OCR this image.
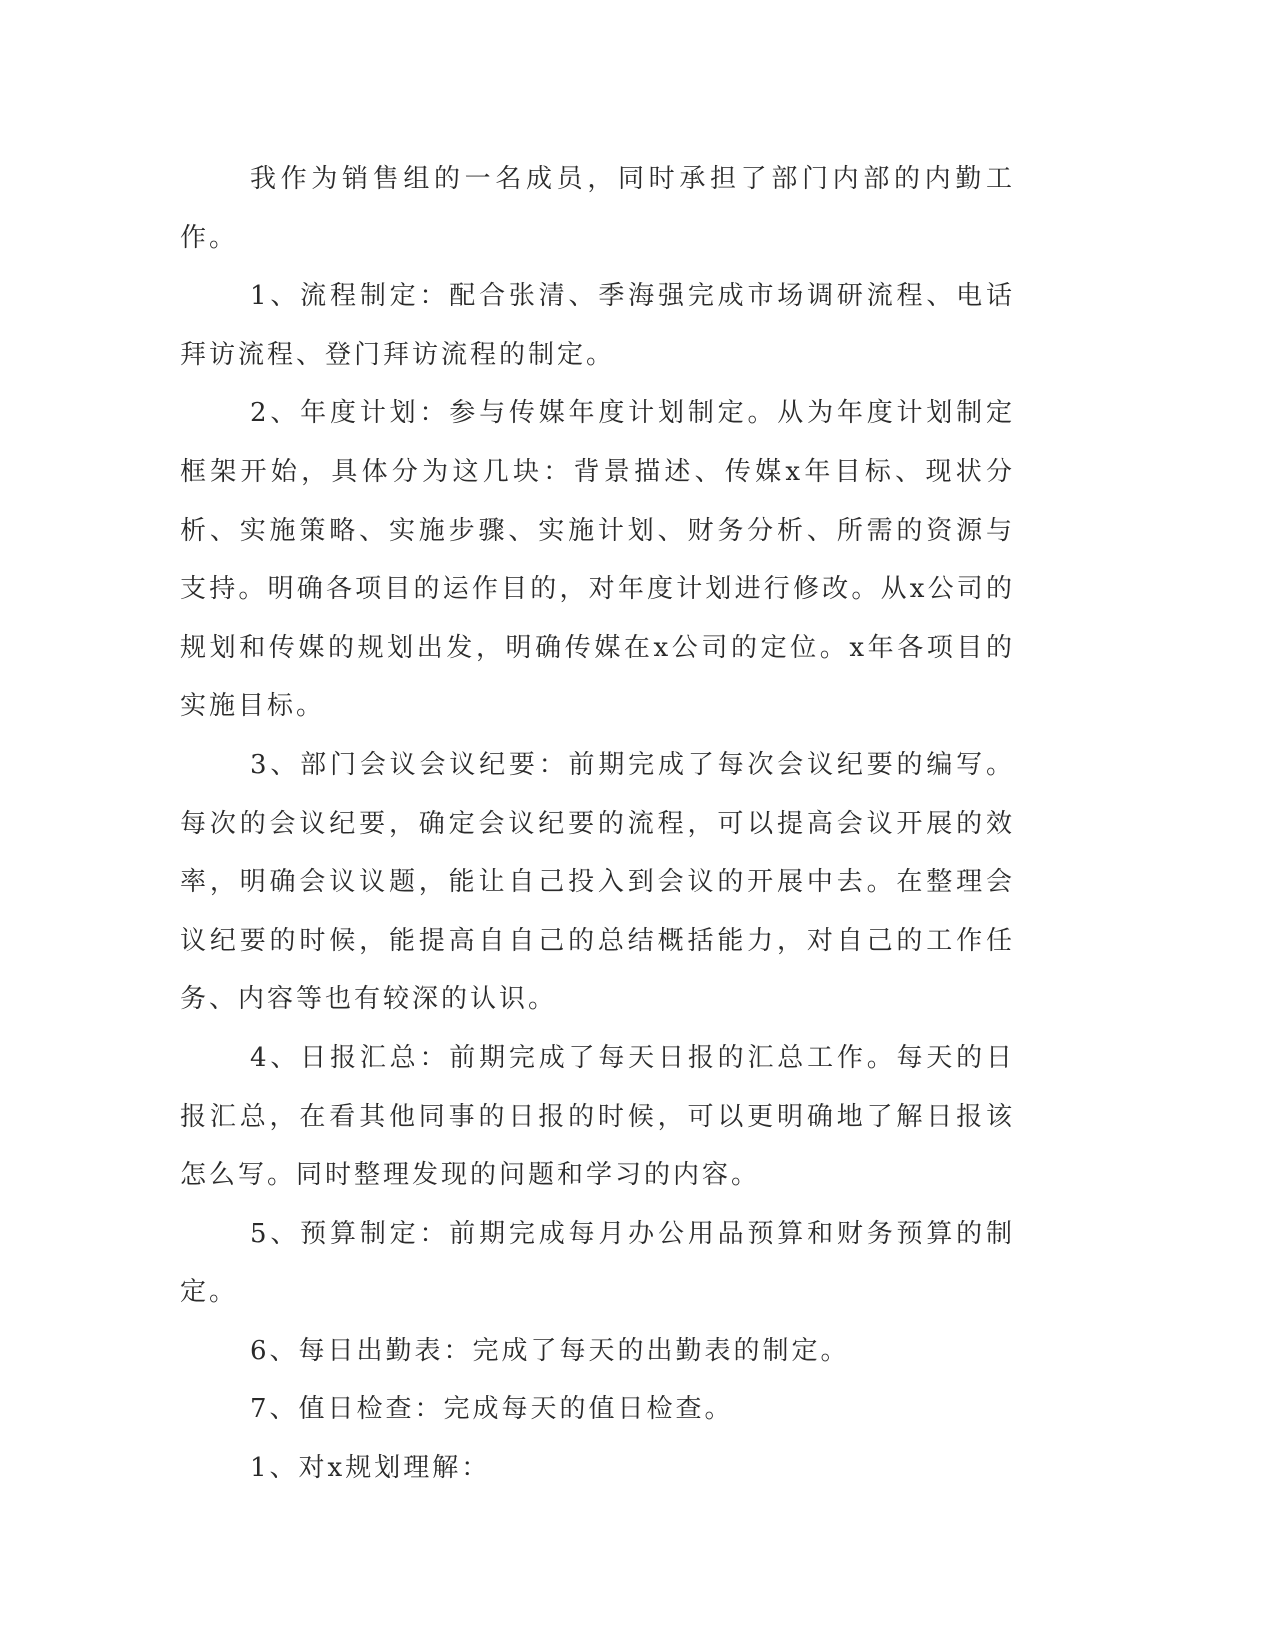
我作为销售组的一名成员，同时承担了部门内部的内勤工作。

1、流程制定：配合张清、季海强完成市场调研流程、电话拜访流程、登门拜访流程的制定。

2、年度计划：参与传媒年度计划制定。从为年度计划制定框架开始，具体分为这几块：背景描述、传媒x年目标、现状分析、实施策略、实施步骤、实施计划、财务分析、所需的资源与支持。明确各项目的运作目的，对年度计划进行修改。从x公司的规划和传媒的规划出发，明确传媒在x公司的定位。x年各项目的实施目标。

3、部门会议会议纪要：前期完成了每次会议纪要的编写。每次的会议纪要，确定会议纪要的流程，可以提高会议开展的效率，明确会议议题，能让自己投入到会议的开展中去。在整理会议纪要的时候，能提高自自己的总结概括能力，对自己的工作任务、内容等也有较深的认识。

4、日报汇总：前期完成了每天日报的汇总工作。每天的日报汇总，在看其他同事的日报的时候，可以更明确地了解日报该怎么写。同时整理发现的问题和学习的内容。

5、预算制定：前期完成每月办公用品预算和财务预算的制定。

6、每日出勤表：完成了每天的出勤表的制定。

7、值日检查：完成每天的值日检查。

1、对x规划理解：
